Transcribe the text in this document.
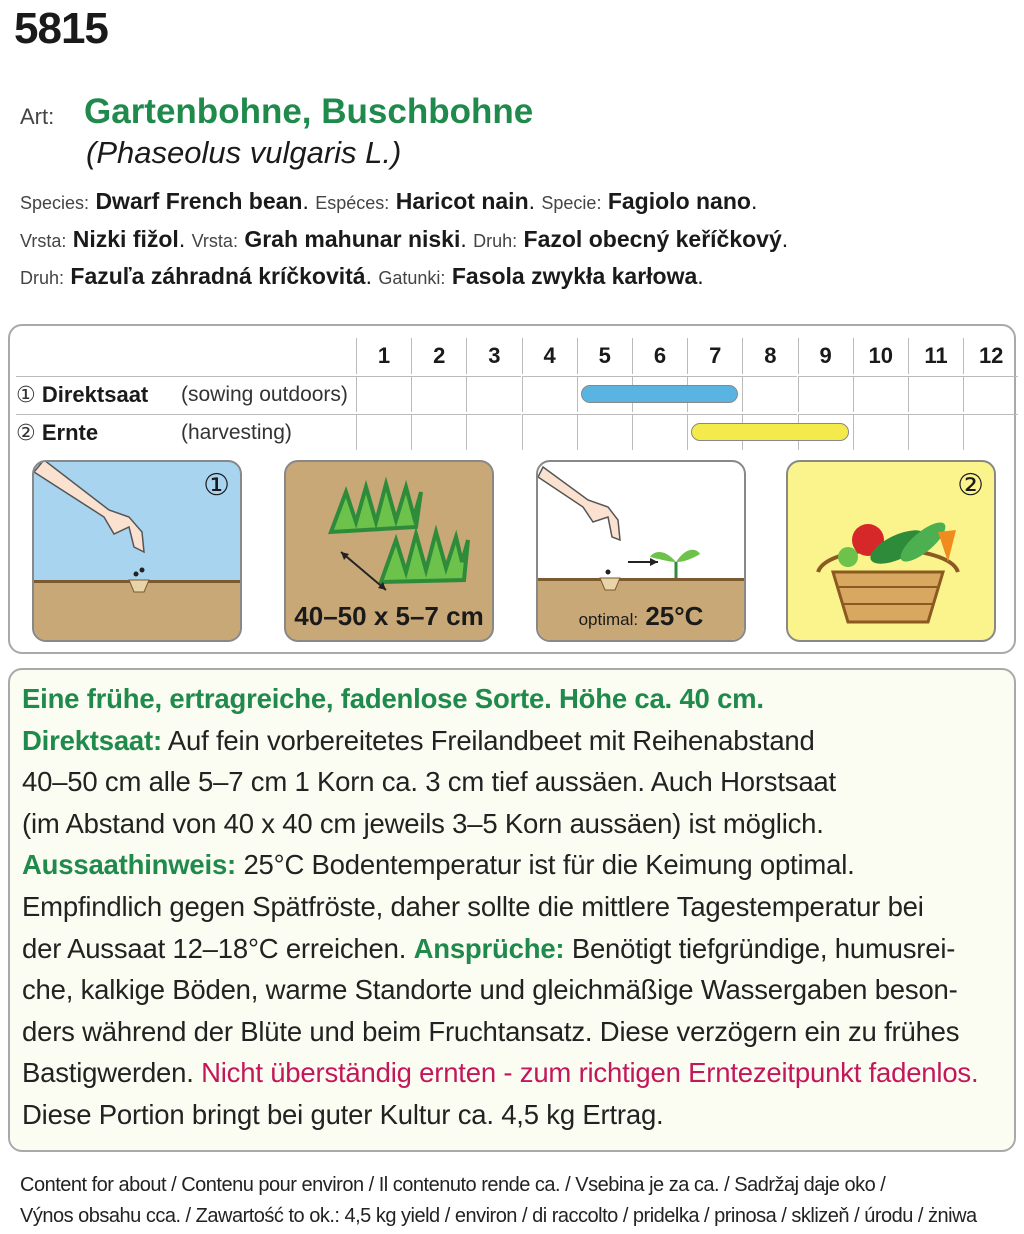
5815
Art: Gartenbohne, Buschbohne
(Phaseolus vulgaris L.)
Species: Dwarf French bean. Espéces: Haricot nain. Specie: Fagiolo nano.
Vrsta: Nizki fižol. Vrsta: Grah mahunar niski. Druh: Fazol obecný keříčkový.
Druh: Fazuľa záhradná kríčkovitá. Gatunki: Fasola zwykła karłowa.
1	2	3	4	5	6	7	8	9	10	11	12
① Direktsaat (sowing outdoors)
② Ernte	(harvesting)
①
40–50 x 5–7 cm	optimal: 25°C
②
Eine frühe, ertragreiche, fadenlose Sorte. Höhe ca. 40 cm.
Direktsaat: Auf fein vorbereitetes Freilandbeet mit Reihenabstand
40–50 cm alle 5–7 cm 1 Korn ca. 3 cm tief aussäen. Auch Horstsaat
(im Abstand von 40 x 40 cm jeweils 3–5 Korn aussäen) ist möglich.
Aussaathinweis: 25°C Bodentemperatur ist für die Keimung optimal.
Empfindlich gegen Spätfröste, daher sollte die mittlere Tagestemperatur bei
der Aussaat 12–18°C erreichen. Ansprüche: Benötigt tiefgründige, humusrei-
che, kalkige Böden, warme Standorte und gleichmäßige Wassergaben beson-
ders während der Blüte und beim Fruchtansatz. Diese verzögern ein zu frühes
Bastigwerden. Nicht überständig ernten - zum richtigen Erntezeitpunkt fadenlos.
Diese Portion bringt bei guter Kultur ca. 4,5 kg Ertrag.
Content for about / Contenu pour environ / Il contenuto rende ca. / Vsebina je za ca. / Sadržaj daje oko /
Výnos obsahu cca. / Zawartość to ok.: 4,5 kg yield / environ / di raccolto / pridelka / prinosa / sklizeň / úrodu / żniwa
